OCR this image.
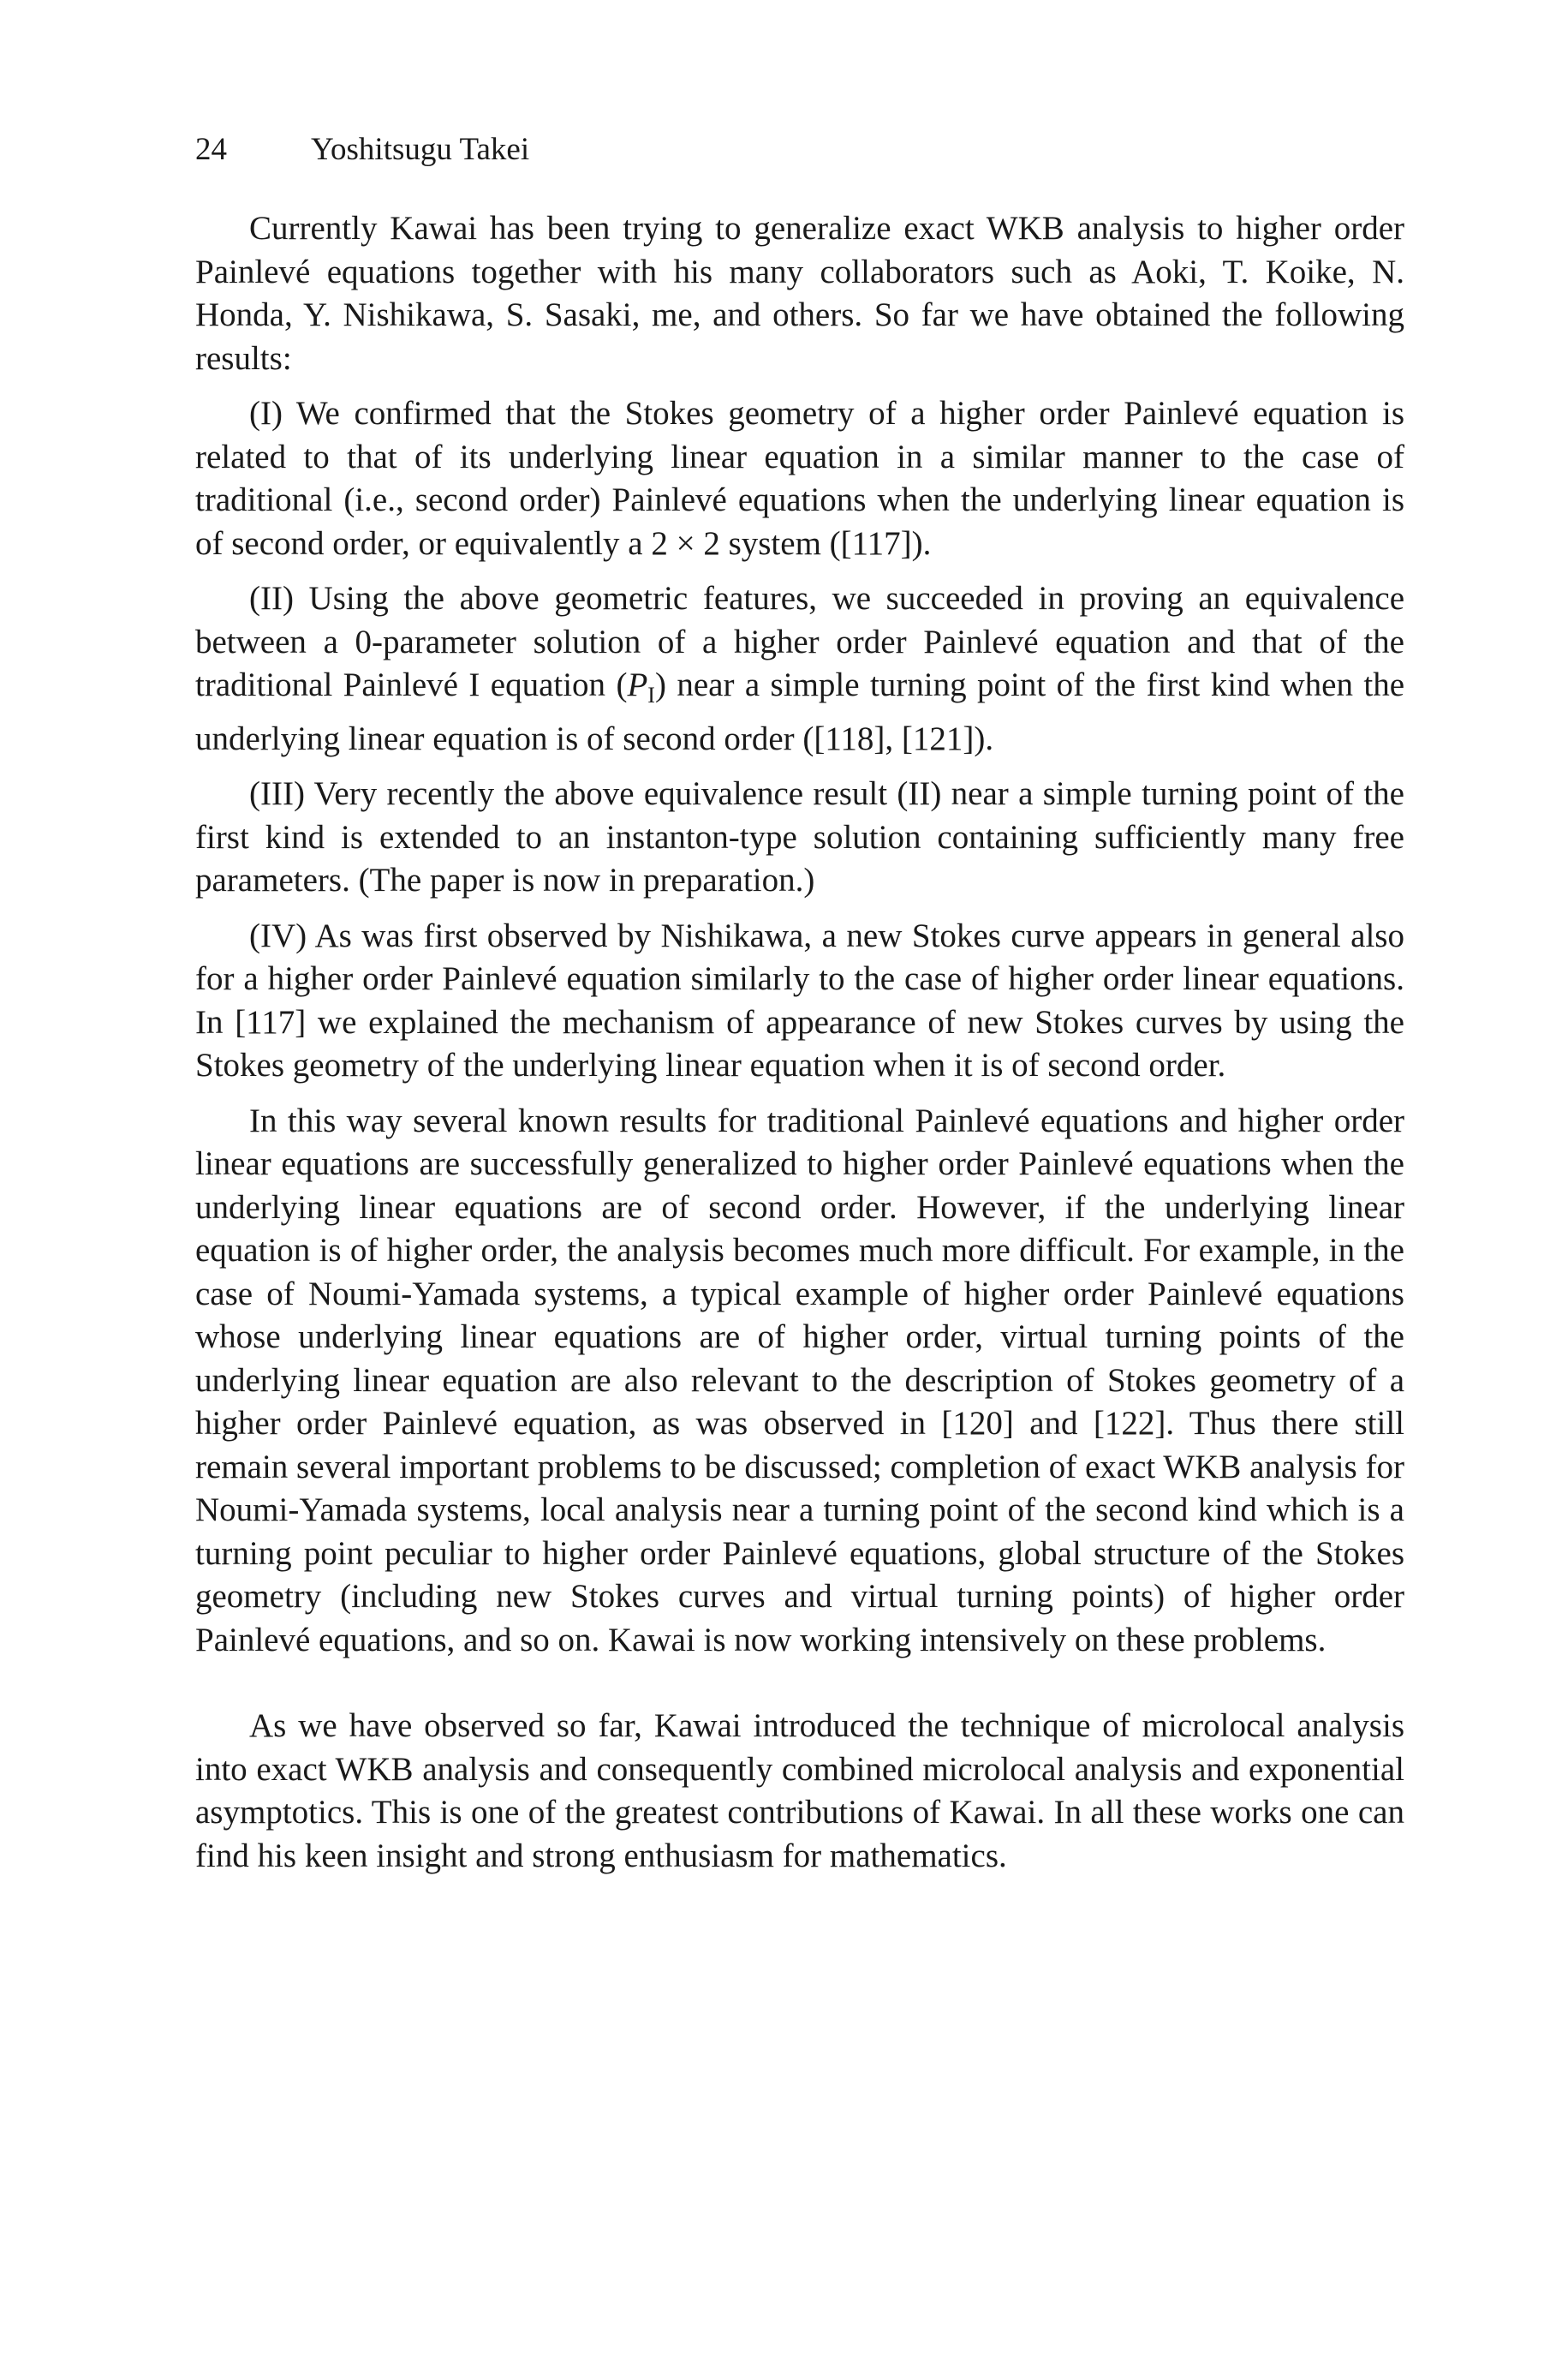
24	Yoshitsugu Takei

Currently Kawai has been trying to generalize exact WKB analysis to higher order Painlevé equations together with his many collaborators such as Aoki, T. Koike, N. Honda, Y. Nishikawa, S. Sasaki, me, and others. So far we have obtained the following results:

(I) We confirmed that the Stokes geometry of a higher order Painlevé equation is related to that of its underlying linear equation in a similar manner to the case of traditional (i.e., second order) Painlevé equations when the underlying linear equation is of second order, or equivalently a 2 × 2 system ([117]).

(II) Using the above geometric features, we succeeded in proving an equivalence between a 0-parameter solution of a higher order Painlevé equation and that of the traditional Painlevé I equation $(P_I)$ near a simple turning point of the first kind when the underlying linear equation is of second order ([118], [121]).

(III) Very recently the above equivalence result (II) near a simple turning point of the first kind is extended to an instanton-type solution containing sufficiently many free parameters. (The paper is now in preparation.)

(IV) As was first observed by Nishikawa, a new Stokes curve appears in general also for a higher order Painlevé equation similarly to the case of higher order linear equations. In [117] we explained the mechanism of appearance of new Stokes curves by using the Stokes geometry of the underlying linear equation when it is of second order.

In this way several known results for traditional Painlevé equations and higher order linear equations are successfully generalized to higher order Painlevé equations when the underlying linear equations are of second order. However, if the underlying linear equation is of higher order, the analysis becomes much more difficult. For example, in the case of Noumi-Yamada systems, a typical example of higher order Painlevé equations whose underlying linear equations are of higher order, virtual turning points of the underlying linear equation are also relevant to the description of Stokes geometry of a higher order Painlevé equation, as was observed in [120] and [122]. Thus there still remain several important problems to be discussed; completion of exact WKB analysis for Noumi-Yamada systems, local analysis near a turning point of the second kind which is a turning point peculiar to higher order Painlevé equations, global structure of the Stokes geometry (including new Stokes curves and virtual turning points) of higher order Painlevé equations, and so on. Kawai is now working intensively on these problems.

As we have observed so far, Kawai introduced the technique of microlocal analysis into exact WKB analysis and consequently combined microlocal analysis and exponential asymptotics. This is one of the greatest contributions of Kawai. In all these works one can find his keen insight and strong enthusiasm for mathematics.
